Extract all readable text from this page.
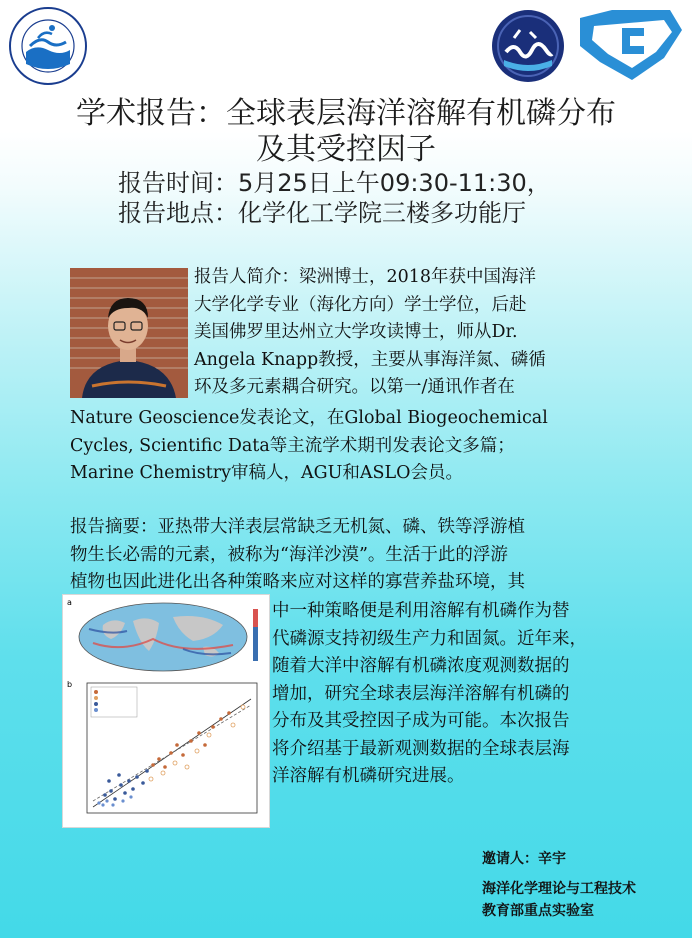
学术报告：全球表层海洋溶解有机磷分布
及其受控因子
报告时间：5月25日上午09:30-11:30，
报告地点：化学化工学院三楼多功能厅
报告人简介：梁洲博士，2018年获中国海洋
大学化学专业（海化方向）学士学位，后赴
美国佛罗里达州立大学攻读博士，师从Dr.
Angela Knapp教授，主要从事海洋氮、磷循
环及多元素耦合研究。以第一/通讯作者在
Nature Geoscience发表论文，在Global Biogeochemical
Cycles, Scientific Data等主流学术期刊发表论文多篇；
Marine Chemistry审稿人，AGU和ASLO会员。
报告摘要：亚热带大洋表层常缺乏无机氮、磷、铁等浮游植
物生长必需的元素，被称为“海洋沙漠”。生活于此的浮游
植物也因此进化出各种策略来应对这样的寡营养盐环境，其
a
b
中一种策略便是利用溶解有机磷作为替
代磷源支持初级生产力和固氮。近年来，
随着大洋中溶解有机磷浓度观测数据的
增加，研究全球表层海洋溶解有机磷的
分布及其受控因子成为可能。本次报告
将介绍基于最新观测数据的全球表层海
洋溶解有机磷研究进展。
邀请人：辛宇
海洋化学理论与工程技术
教育部重点实验室
